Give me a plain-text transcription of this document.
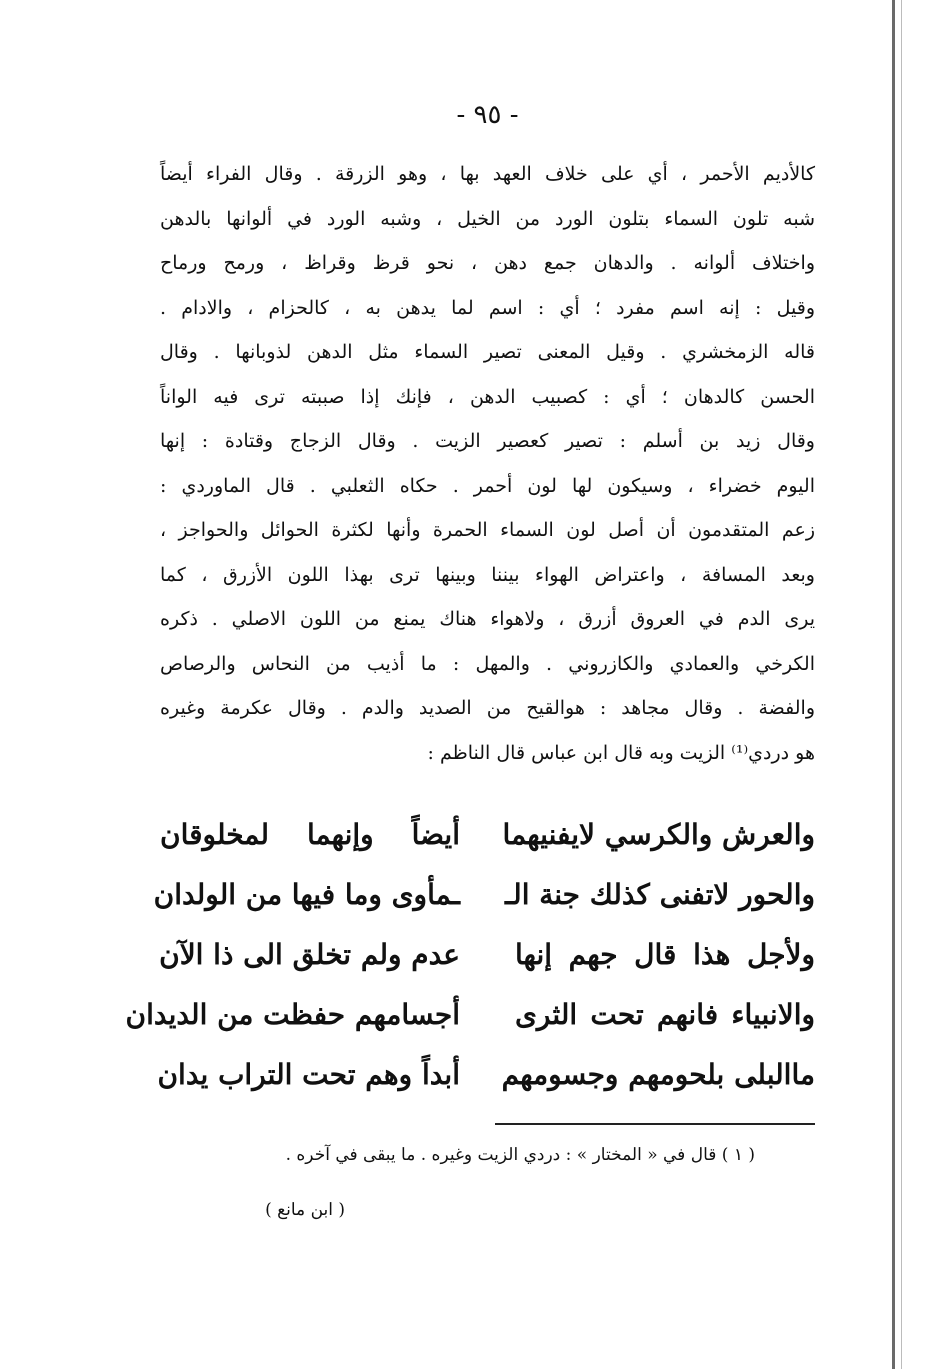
- ٩٥ -
كالأديم الأحمر ، أي على خلاف العهد بها ، وهو الزرقة . وقال الفراء أيضاً
شبه تلون السماء بتلون الورد من الخيل ، وشبه الورد في ألوانها بالدهن
واختلاف ألوانه . والدهان جمع دهن ، نحو قرظ وقراظ ، ورمح ورماح
وقيل : إنه اسم مفرد ؛ أي : اسم لما يدهن به ، كالحزام ، والادام .
قاله الزمخشري . وقيل المعنى تصير السماء مثل الدهن لذوبانها . وقال
الحسن كالدهان ؛ أي : كصبيب الدهن ، فإنك إذا صببته ترى فيه الواناً
وقال زيد بن أسلم : تصير كعصير الزيت . وقال الزجاج وقتادة : إنها
اليوم خضراء ، وسيكون لها لون أحمر . حكاه الثعلبي . قال الماوردي :
زعم المتقدمون أن أصل لون السماء الحمرة وأنها لكثرة الحوائل والحواجز ،
وبعد المسافة ، واعتراض الهواء بيننا وبينها ترى بهذا اللون الأزرق ، كما
يرى الدم في العروق أزرق ، ولاهواء هناك يمنع من اللون الاصلي . ذكره
الكرخي والعمادي والكازروني . والمهل : ما أذيب من النحاس والرصاص
والفضة . وقال مجاهد : هوالقيح من الصديد والدم . وقال عكرمة وغيره
هو دردي⁽¹⁾ الزيت وبه قال ابن عباس قال الناظم :
والعرش والكرسي لايفنيهما
أيضاً وإنهما لمخلوقان
والحور لاتفنى كذلك جنة الـ
ـمأوى وما فيها من الولدان
ولأجل هذا قال جهم إنها
عدم ولم تخلق الى ذا الآن
والانبياء فانهم تحت الثرى
أجسامهم حفظت من الديدان
ماالبلى بلحومهم وجسومهم
أبداً وهم تحت التراب يدان
( ١ ) قال في « المختار » : دردي الزيت وغيره . ما يبقى في آخره .
( ابن مانع )
